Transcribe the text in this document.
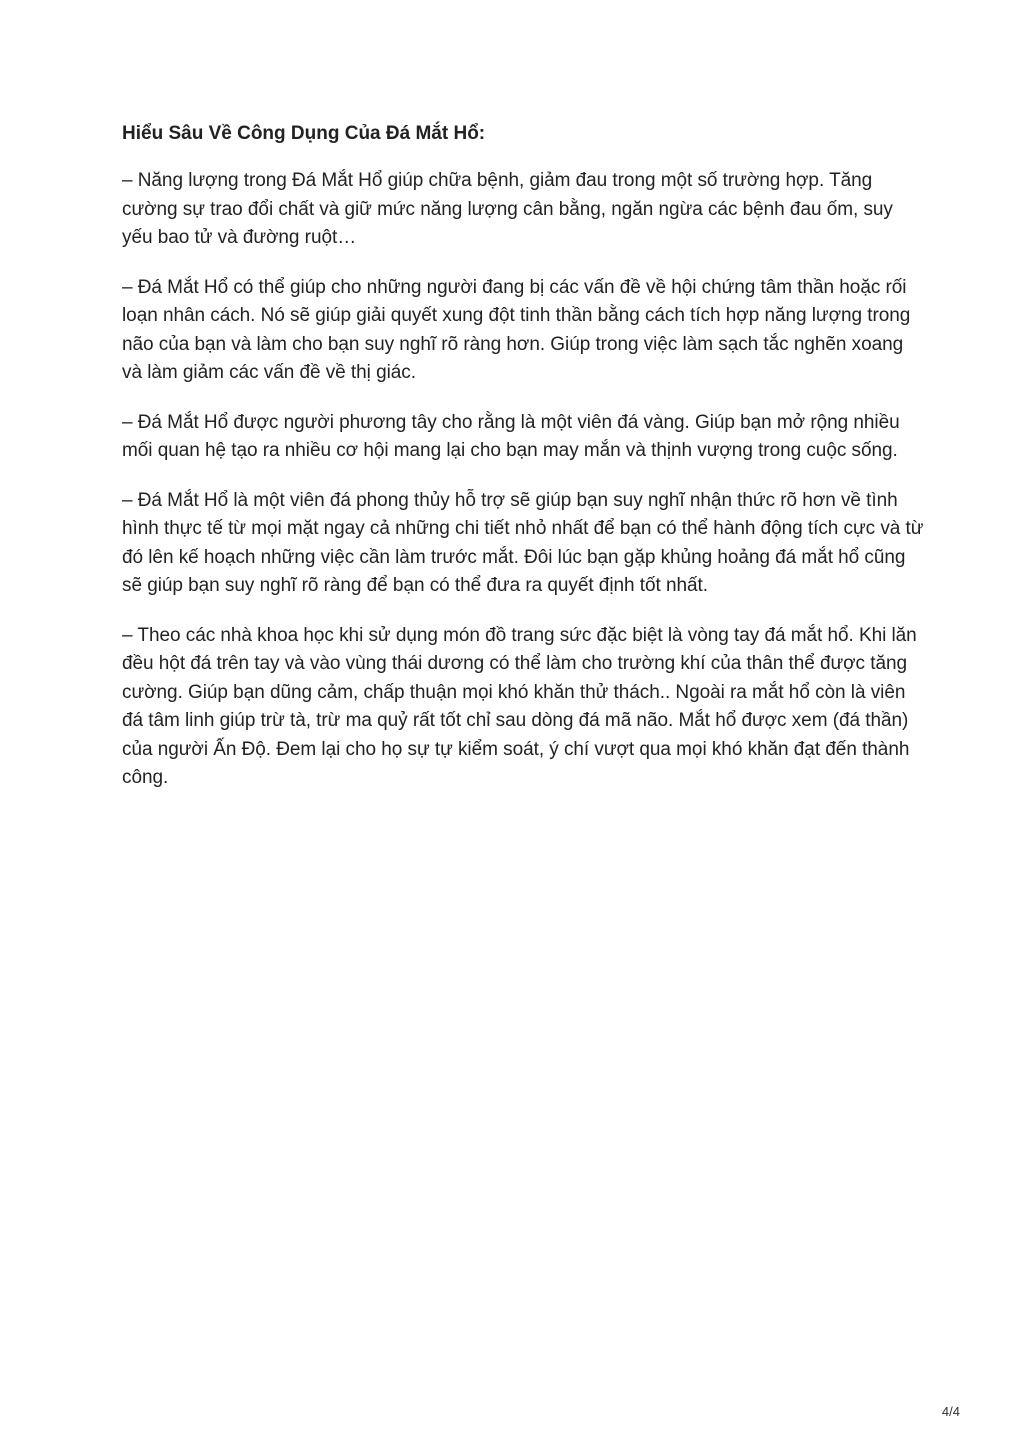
Hiểu Sâu Về Công Dụng Của Đá Mắt Hổ:

– Năng lượng trong Đá Mắt Hổ giúp chữa bệnh, giảm đau trong một số trường hợp. Tăng cường sự trao đổi chất và giữ mức năng lượng cân bằng, ngăn ngừa các bệnh đau ốm, suy yếu bao tử và đường ruột…

– Đá Mắt Hổ có thể giúp cho những người đang bị các vấn đề về hội chứng tâm thần hoặc rối loạn nhân cách. Nó sẽ giúp giải quyết xung đột tinh thần bằng cách tích hợp năng lượng trong não của bạn và làm cho bạn suy nghĩ rõ ràng hơn. Giúp trong việc làm sạch tắc nghẽn xoang và làm giảm các vấn đề về thị giác.

– Đá Mắt Hổ được người phương tây cho rằng là một viên đá vàng. Giúp bạn mở rộng nhiều mối quan hệ tạo ra nhiều cơ hội mang lại cho bạn may mắn và thịnh vượng trong cuộc sống.

– Đá Mắt Hổ là một viên đá phong thủy hỗ trợ sẽ giúp bạn suy nghĩ nhận thức rõ hơn về tình hình thực tế từ mọi mặt ngay cả những chi tiết nhỏ nhất để bạn có thể hành động tích cực và từ đó lên kế hoạch những việc cần làm trước mắt. Đôi lúc bạn gặp khủng hoảng đá mắt hổ cũng sẽ giúp bạn suy nghĩ rõ ràng để bạn có thể đưa ra quyết định tốt nhất.

– Theo các nhà khoa học khi sử dụng món đồ trang sức đặc biệt là vòng tay đá mắt hổ. Khi lăn đều hột đá trên tay và vào vùng thái dương có thể làm cho trường khí của thân thể được tăng cường. Giúp bạn dũng cảm, chấp thuận mọi khó khăn thử thách.. Ngoài ra mắt hổ còn là viên đá tâm linh giúp trừ tà, trừ ma quỷ rất tốt chỉ sau dòng đá mã não. Mắt hổ được xem (đá thần) của người Ấn Độ. Đem lại cho họ sự tự kiểm soát, ý chí vượt qua mọi khó khăn đạt đến thành công.

4/4
